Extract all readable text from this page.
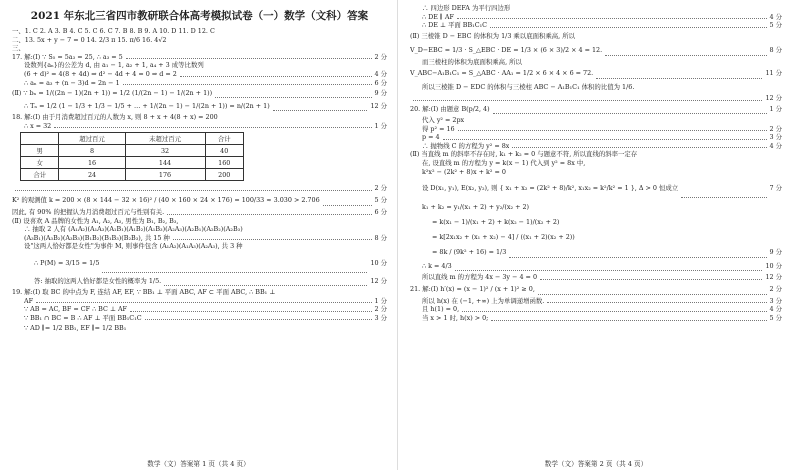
2021 年东北三省四市教研联合体高考模拟试卷（一）数学（文科）答案
一、1. C 2. A 3. B 4. C 5. C 6. C 7. B 8. B 9. A 10. D 11. D 12. C
二、13. 5x + y − 7 = 0 14. 2/3 π 15. π/6 16. 4√2
三、
17. 解:(Ⅰ) ∵ S₅ = 5a₃ = 25, ∴ a₃ = 5	2 分
设数列{aₙ}的公差为 d, 由 a₁ − 1, a₂ + 1, a₄ + 3 成等比数列
(6 + d)² = 4(8 + 4d) ⇒ d² − 4d + 4 = 0 ⇒ d = 2	4 分
∴ aₙ = a₃ + (n − 3)d = 2n − 1	6 分
(Ⅱ) ∵ bₙ = 1/((2n − 1)(2n + 1)) = 1/2 (1/(2n − 1) − 1/(2n + 1))	9 分
∴ Tₙ = 1/2 (1 − 1/3 + 1/3 − 1/5 + … + 1/(2n − 1) − 1/(2n + 1)) = n/(2n + 1)	12 分
18. 解:(Ⅰ) 由于月消费超过百元的人数为 x, 则 8 + x + 4(8 + x) = 200
∴ x = 32	1 分
	超过百元	未超过百元	合计
男	8	32	40
女	16	144	160
合计	24	176	200
2 分
K² 的观测值 k = 200 × (8 × 144 − 32 × 16)² / (40 × 160 × 24 × 176) = 100/33 ≈ 3.030 > 2.706	5 分
因此, 有 90% 的把握认为月消费超过百元与性别有关.	6 分
(Ⅱ) 设喜欢 A 品牌的女性为 A₁, A₂, A₃, 男性为 B₁, B₂, B₃,
∴ 抽取 2 人有 (A₁A₂)(A₁A₃)(A₁B₁)(A₁B₂)(A₁B₃)(A₂A₃)(A₂B₁)(A₂B₂)(A₂B₃)
(A₃B₁)(A₃B₂)(A₃B₃)(B₁B₂)(B₁B₃)(B₂B₃), 共 15 种	8 分
设"这两人恰好都是女性"为事件 M, 则事件包含 (A₁A₂)(A₁A₃)(A₂A₃), 共 3 种
∴ P(M) = 3/15 = 1/5	10 分
答: 抽取的这两人恰好都是女性的概率为 1/5.	12 分
19. 解:(Ⅰ) 取 BC 的中点为 F, 连结 AF, EF, ∵ BB₁ ⊥ 平面 ABC, AF ⊂ 平面 ABC, ∴ BB₁ ⊥
AF	1 分
∵ AB = AC, BF = CF ∴ BC ⊥ AF	2 分
∵ BB₁ ∩ BC = B ∴ AF ⊥ 平面 BB₁C₁C	3 分
∵ AD ∥= 1/2 BB₁, EF ∥= 1/2 BB₁
数学（文）答案第 1 页（共 4 页）
∴ 四边形 DEFA 为平行四边形
∴ DE ∥ AF	4 分
∴ DE ⊥ 平面 BB₁C₁C	5 分
(Ⅱ) 三棱锥 D − EBC 的体积为 1/3 乘以底面积乘高, 所以
V_D−EBC = 1/3 · S_△EBC · DE = 1/3 × (6 × 3)/2 × 4 = 12.	8 分
而三棱柱的体积为底面积乘高, 所以
V_ABC−A₁B₁C₁ = S_△ABC · AA₁ = 1/2 × 6 × 4 × 6 = 72.	11 分
所以三棱锥 D − EDC 的体积与三棱柱 ABC − A₁B₁C₁ 体积的比值为 1/6.
12 分
20. 解:(Ⅰ) 由题意 B(p/2, 4)	1 分
代入 y² = 2px
得 p² = 16	2 分
p = 4	3 分
∴ 抛物线 C 的方程为 y² = 8x	4 分
(Ⅱ) 当直线 m 的斜率不存在时, k₁ + k₂ = 0 与题意不符, 所以直线的斜率一定存
在, 设直线 m 的方程为 y = k(x − 1) 代入到 y² = 8x 中,
k²x² − (2k² + 8)x + k² = 0
设 D(x₁, y₁), E(x₂, y₂), 则 { x₁ + x₂ = (2k² + 8)/k², x₁x₂ = k²/k² = 1 }, Δ > 0 恒成立	7 分
k₁ + k₂ = y₁/(x₁ + 2) + y₂/(x₂ + 2)
= k(x₁ − 1)/(x₁ + 2) + k(x₂ − 1)/(x₂ + 2)
= k[2x₁x₂ + (x₁ + x₂) − 4] / ((x₁ + 2)(x₂ + 2))
= 8k / (9k² + 16) = 1/3	9 分
∴ k = 4/3	10 分
所以直线 m 的方程为 4x − 3y − 4 = 0	12 分
21. 解:(Ⅰ) h′(x) = (x − 1)² / (x + 1)² ≥ 0,	2 分
所以 h(x) 在 (−1, +∞) 上为单调递增函数.	3 分
且 h(1) = 0,	4 分
当 x > 1 时, h(x) > 0;	5 分
数学（文）答案第 2 页（共 4 页）
